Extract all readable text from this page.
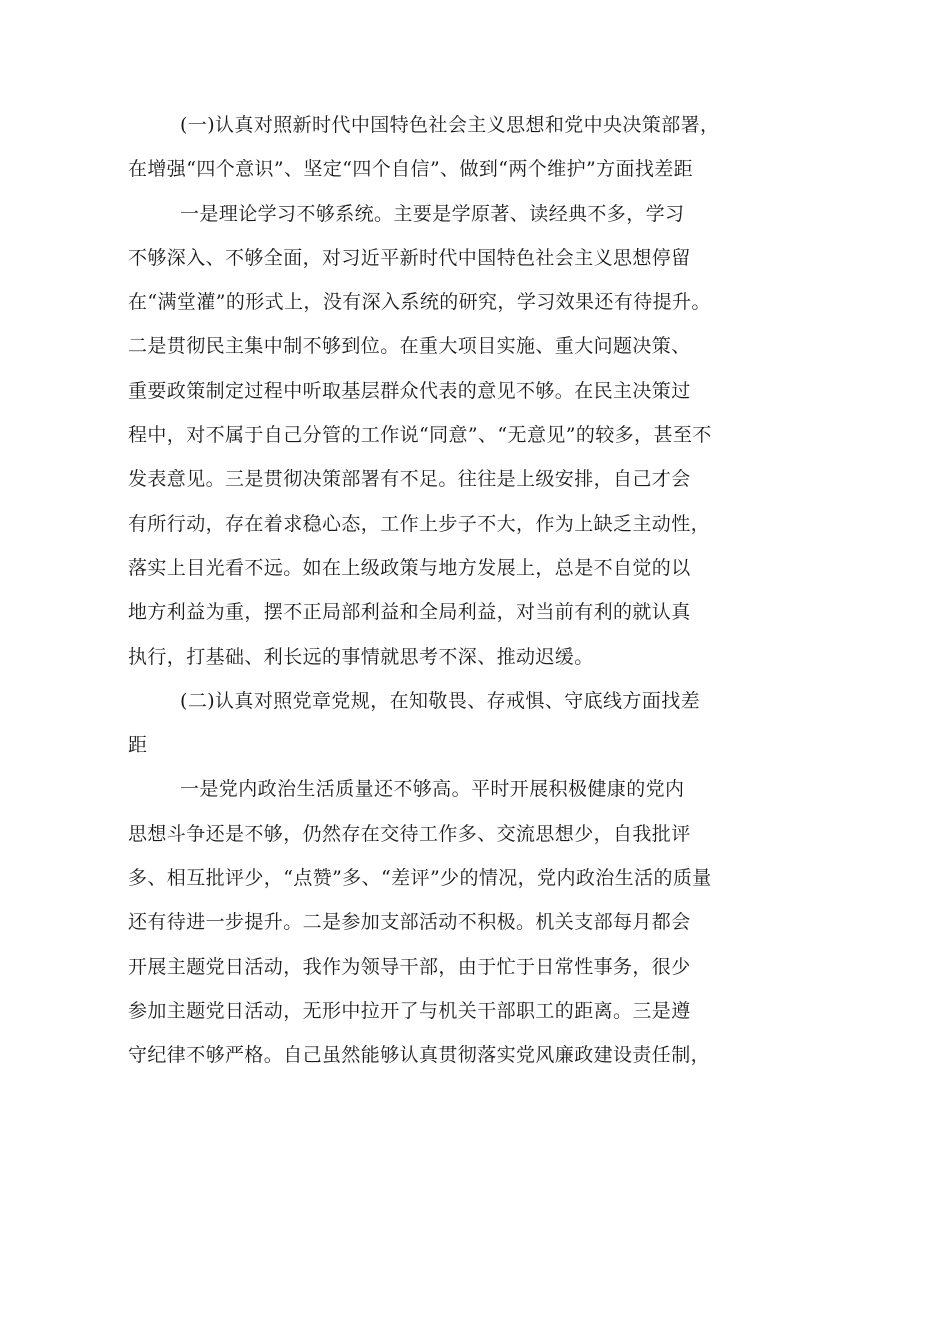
(一)认真对照新时代中国特色社会主义思想和党中央决策部署，
在增强“四个意识”、坚定“四个自信”、做到“两个维护”方面找差距
一是理论学习不够系统。主要是学原著、读经典不多，学习
不够深入、不够全面，对习近平新时代中国特色社会主义思想停留
在“满堂灌”的形式上，没有深入系统的研究，学习效果还有待提升。
二是贯彻民主集中制不够到位。在重大项目实施、重大问题决策、
重要政策制定过程中听取基层群众代表的意见不够。在民主决策过
程中，对不属于自己分管的工作说“同意”、“无意见”的较多，甚至不
发表意见。三是贯彻决策部署有不足。往往是上级安排，自己才会
有所行动，存在着求稳心态，工作上步子不大，作为上缺乏主动性，
落实上目光看不远。如在上级政策与地方发展上，总是不自觉的以
地方利益为重，摆不正局部利益和全局利益，对当前有利的就认真
执行，打基础、利长远的事情就思考不深、推动迟缓。
(二)认真对照党章党规，在知敬畏、存戒惧、守底线方面找差
距
一是党内政治生活质量还不够高。平时开展积极健康的党内
思想斗争还是不够，仍然存在交待工作多、交流思想少，自我批评
多、相互批评少，“点赞”多、“差评”少的情况，党内政治生活的质量
还有待进一步提升。二是参加支部活动不积极。机关支部每月都会
开展主题党日活动，我作为领导干部，由于忙于日常性事务，很少
参加主题党日活动，无形中拉开了与机关干部职工的距离。三是遵
守纪律不够严格。自己虽然能够认真贯彻落实党风廉政建设责任制，
